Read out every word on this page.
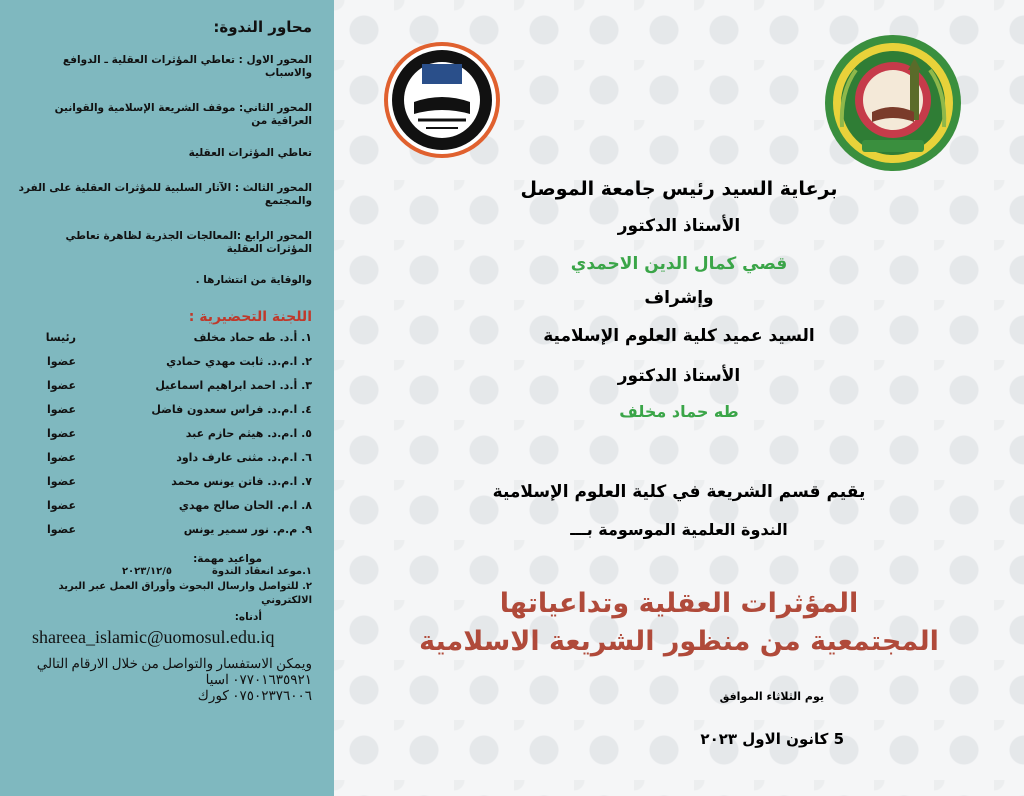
محاور الندوة:
المحور الاول : تعاطي المؤثرات العقلية ـ الدوافع والاسباب
المحور الثاني: موقف الشريعة الإسلامية والقوانين العراقية من
تعاطي المؤثرات العقلية
المحور الثالث : الآثار السلبية للمؤثرات العقلية على الفرد والمجتمع
المحور الرابع :المعالجات الجذرية لظاهرة تعاطي المؤثرات العقلية
والوقاية من انتشارها .
اللجنة التحضيرية :
١. أ.د. طه حماد مخلف
رئيسا
٢. ا.م.د. ثابت مهدي حمادي
عضوا
٣. أ.د. احمد ابراهيم اسماعيل
عضوا
٤. ا.م.د. فراس سعدون فاضل
عضوا
٥. ا.م.د. هيثم حازم عبد
عضوا
٦. ا.م.د. مثنى عارف داود
عضوا
٧. ا.م.د. فاتن يونس محمد
عضوا
٨. ا.م. الحان صالح مهدي
عضوا
٩. م.م. نور سمير يونس
عضوا
مواعيد مهمة:
١.موعد انعقاد الندوة٢٠٢٣/١٢/٥
٢. للتواصل وارسال البحوث وأوراق العمل عبر البريد
الالكتروني
أدناه:
shareea_islamic@uomosul.edu.iq
ويمكن الاستفسار والتواصل من خلال الارقام التالي
٠٧٧٠١٦٣٥٩٢١ اسيا
٠٧٥٠٢٣٧٦٠٠٦ كورك
برعاية السيد رئيس جامعة الموصل
الأستاذ الدكتور
قصي كمال الدين الاحمدي
وإشراف
السيد عميد كلية العلوم الإسلامية
الأستاذ الدكتور
طه حماد مخلف
يقيم قسم الشريعة في كلية العلوم الإسلامية
الندوة العلمية الموسومة بـــ
المؤثرات العقلية وتداعياتها
المجتمعية من منظور الشريعة الاسلامية
يوم الثلاثاء الموافق
5 كانون الاول ٢٠٢٣
